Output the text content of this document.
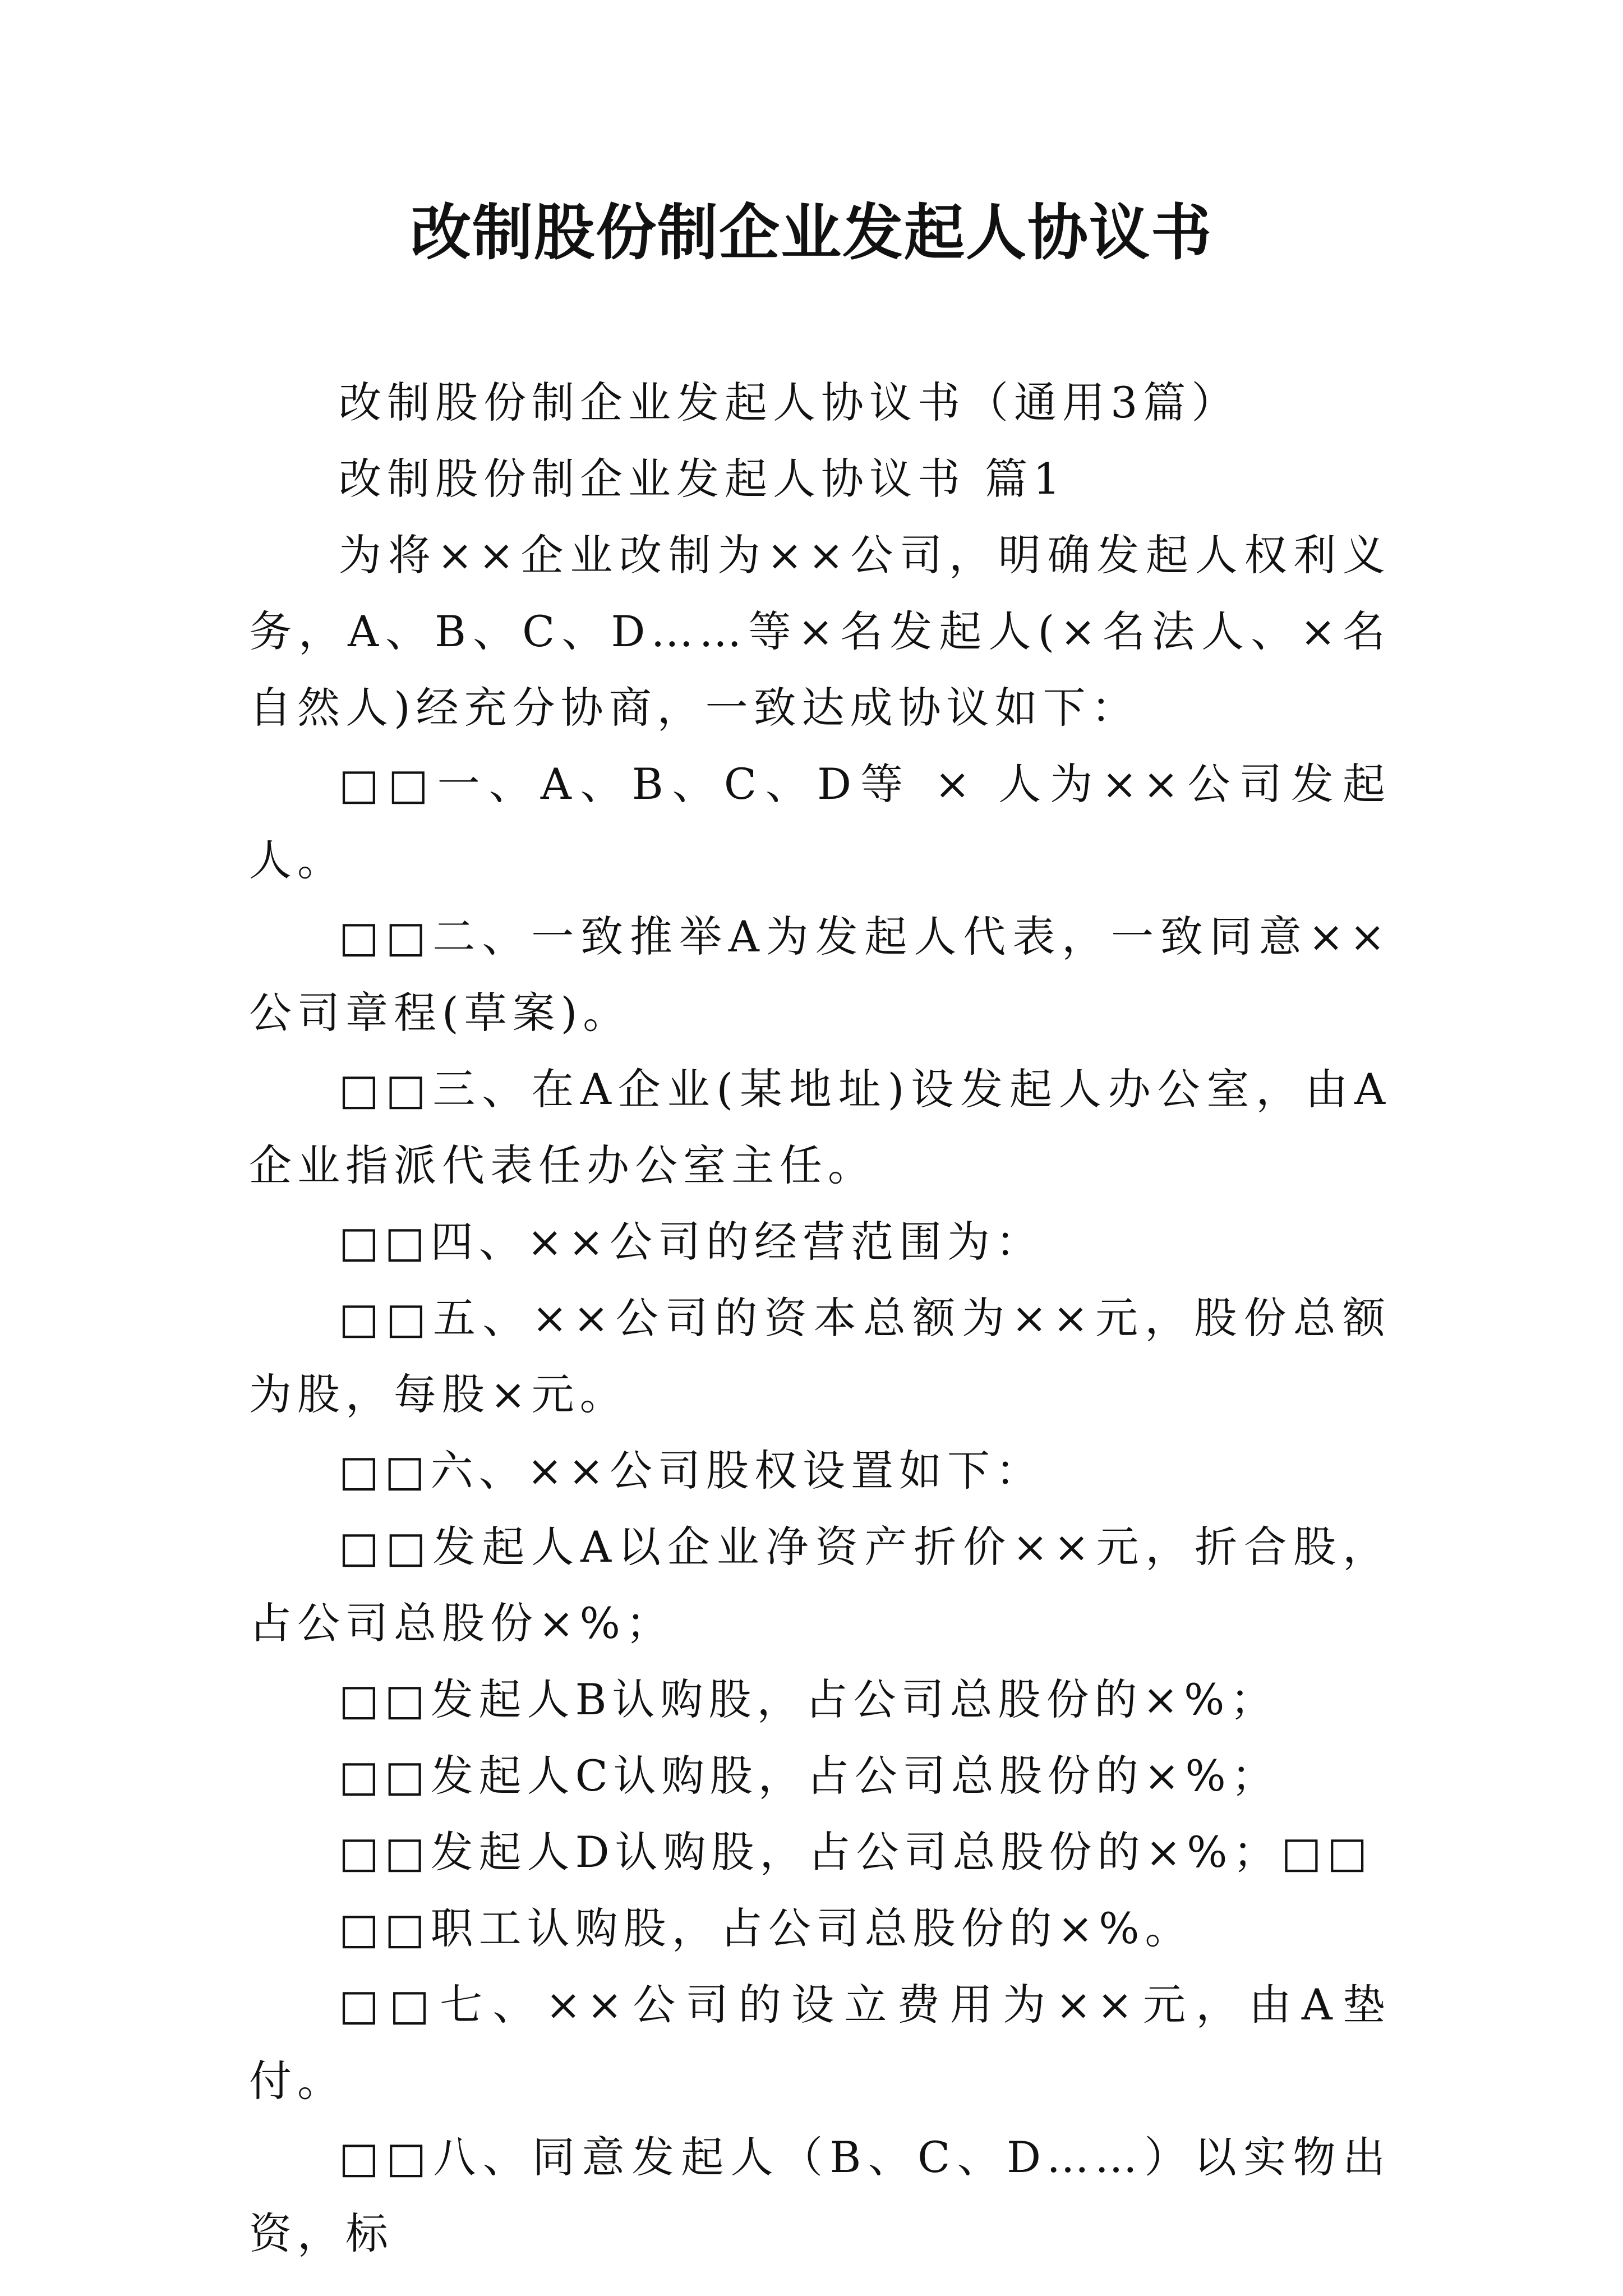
改制股份制企业发起人协议书

改制股份制企业发起人协议书（通用3篇）

改制股份制企业发起人协议书 篇1

为将××企业改制为××公司，明确发起人权利义务，A、B、C、D……等×名发起人(×名法人、×名自然人)经充分协商，一致达成协议如下：

□□一、A、B、C、D等 × 人为××公司发起人。

□□二、一致推举A为发起人代表，一致同意××公司章程(草案)。

□□三、在A企业(某地址)设发起人办公室，由A企业指派代表任办公室主任。

□□四、××公司的经营范围为：

□□五、××公司的资本总额为××元，股份总额为股，每股×元。

□□六、××公司股权设置如下：

□□发起人A以企业净资产折价××元，折合股，占公司总股份×%；

□□发起人B认购股，占公司总股份的×%；

□□发起人C认购股，占公司总股份的×%；

□□发起人D认购股，占公司总股份的×%；□□

□□职工认购股，占公司总股份的×%。

□□七、××公司的设立费用为××元，由A垫付。

□□八、同意发起人（B、C、D……）以实物出资，标
